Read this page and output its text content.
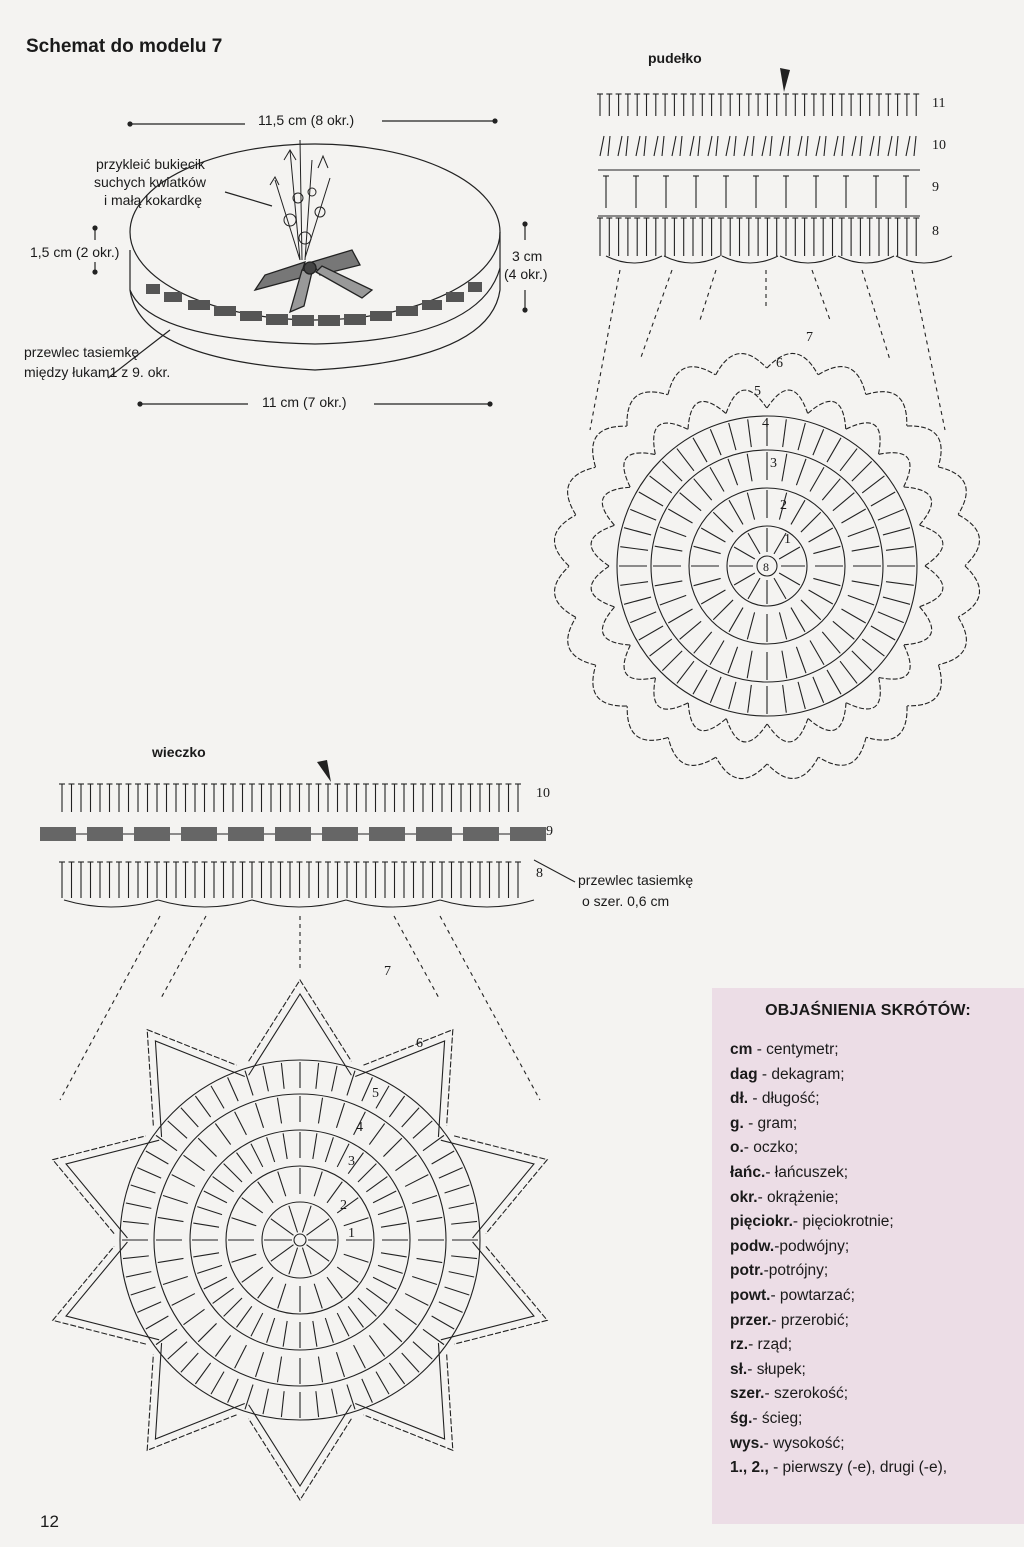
Schemat do modelu 7
11,5 cm (8 okr.)
11 cm (7 okr.)
1,5 cm (2 okr.)	3 cm
(4 okr.)
przykleić bukiecik
suchych kwiatków
i małą kokardkę
przewlec tasiemkę
między łukam1 z 9. okr.
pudełko
11
10
9
8
8
1
2
3
4
5
6
7
wieczko
10
9
8	przewlec tasiemkę
o szer. 0,6 cm
1
2
3
4
5
6
7
OBJAŚNIENIA SKRÓTÓW:
cm - centymetr;
dag - dekagram;
dł. - długość;
g. - gram;
o.- oczko;
łańc.- łańcuszek;
okr.- okrążenie;
pięciokr.- pięciokrotnie;
podw.-podwójny;
potr.-potrójny;
powt.- powtarzać;
przer.- przerobić;
rz.- rząd;
sł.- słupek;
szer.- szerokość;
śg.- ścieg;
wys.- wysokość;
1., 2., - pierwszy (-e), drugi (-e),
12
